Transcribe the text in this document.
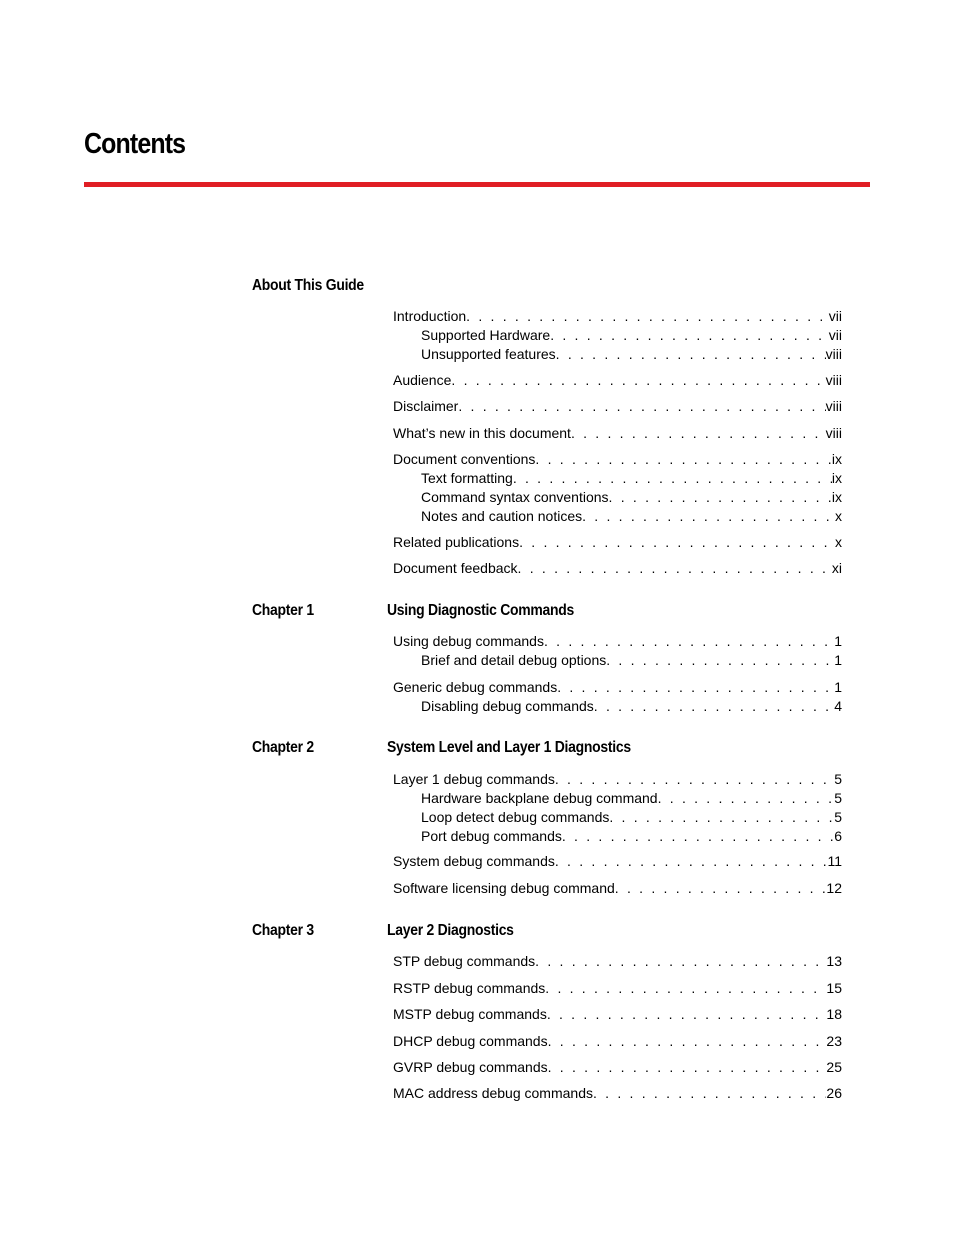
Contents
About This Guide
Introduction . . .	vii
Supported Hardware . . .	vii
Unsupported features . . .	viii
Audience . . .	viii
Disclaimer . . .	viii
What’s new in this document . . .	viii
Document conventions . . .	ix
Text formatting . . .	ix
Command syntax conventions . . .	ix
Notes and caution notices . . .	x
Related publications . . .	x
Document feedback . . .	xi
Chapter 1	Using Diagnostic Commands
Using debug commands . . .	1
Brief and detail debug options . . .	1
Generic debug commands . . .	1
Disabling debug commands . . .	4
Chapter 2	System Level and Layer 1 Diagnostics
Layer 1 debug commands . . .	5
Hardware backplane debug command . . .	5
Loop detect debug commands . . .	5
Port debug commands . . .	6
System debug commands . . .	11
Software licensing debug command . . .	12
Chapter 3	Layer 2 Diagnostics
STP debug commands . . .	13
RSTP debug commands . . .	15
MSTP debug commands . . .	18
DHCP debug commands . . .	23
GVRP debug commands . . .	25
MAC address debug commands . . .	26
